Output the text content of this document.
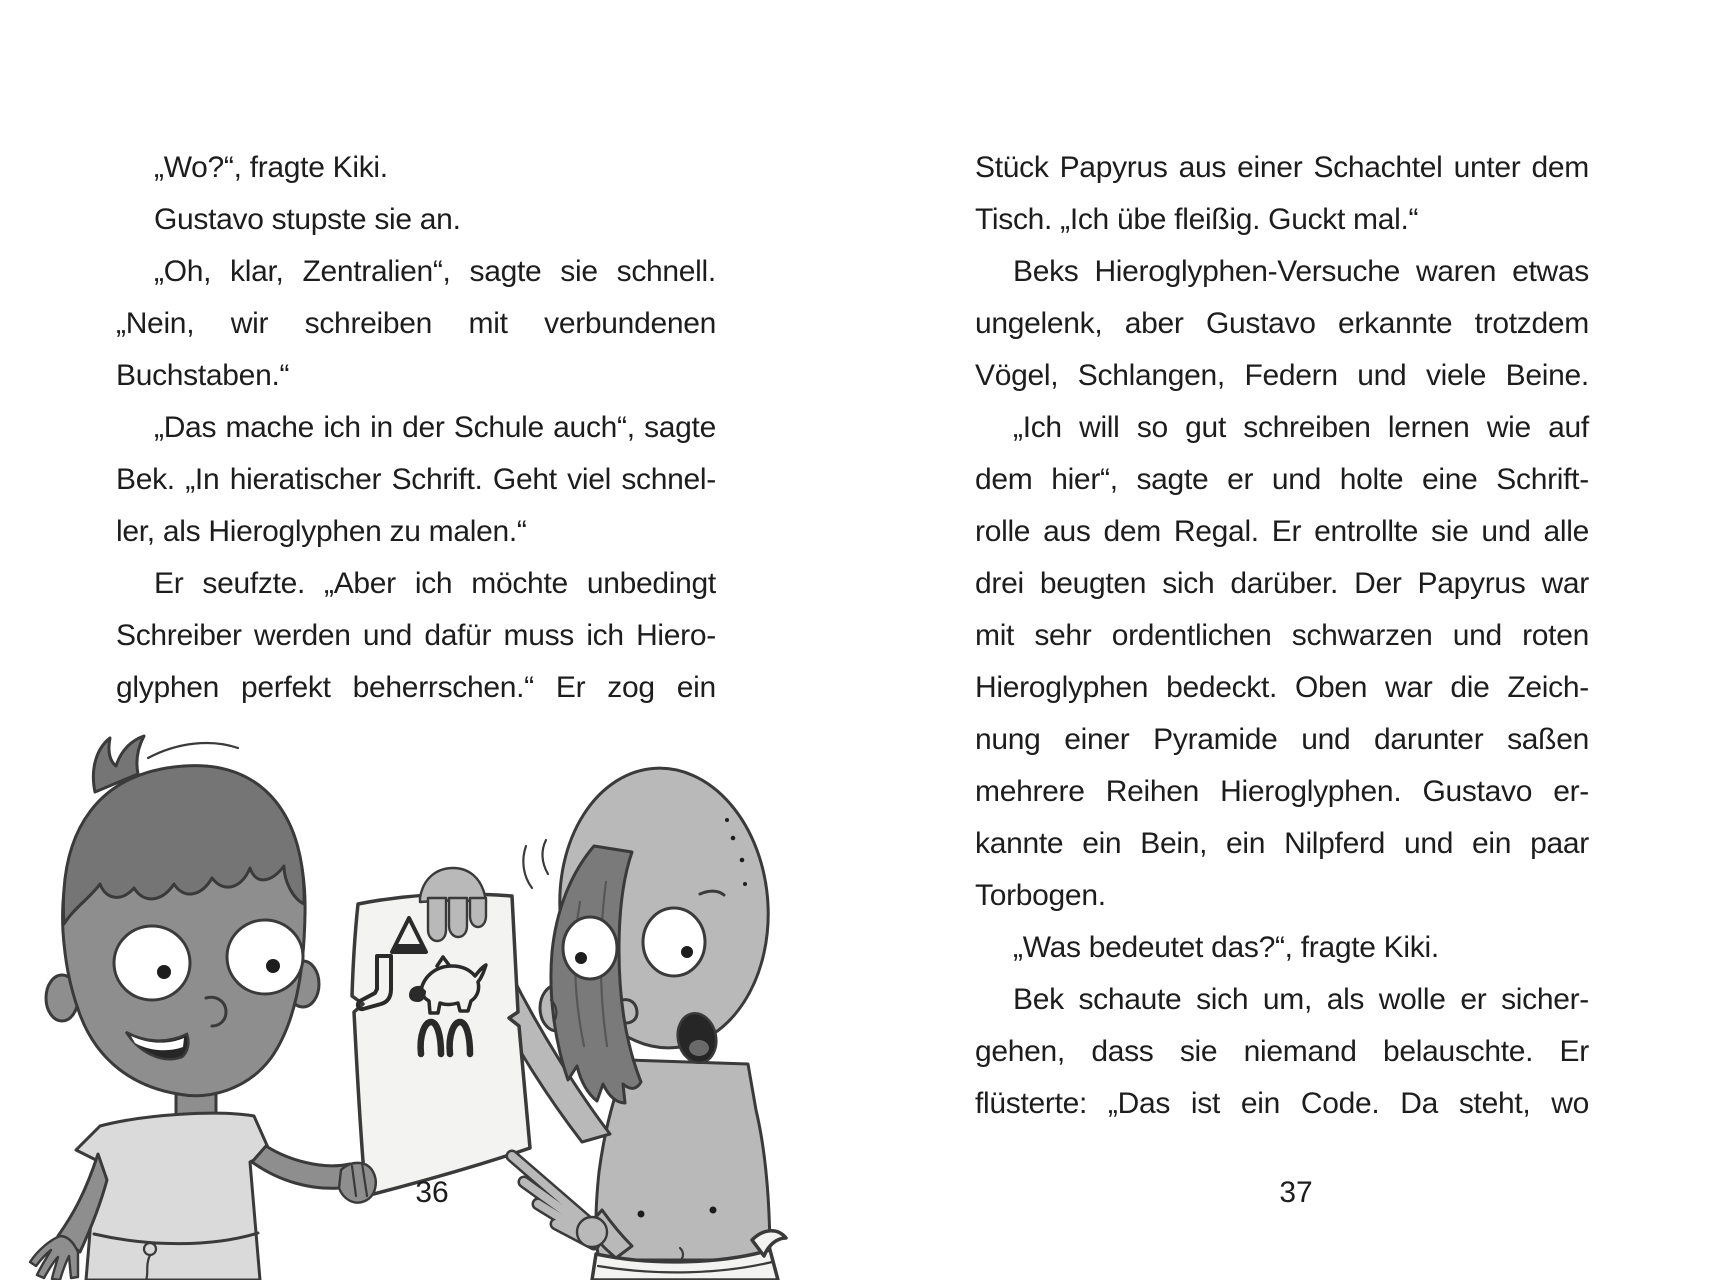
„Wo?“, fragte Kiki.
Gustavo stupste sie an.
„Oh, klar, Zentralien“, sagte sie schnell.
„Nein, wir schreiben mit verbundenen
Buchstaben.“
„Das mache ich in der Schule auch“, sagte
Bek. „In hieratischer Schrift. Geht viel schnel-
ler, als Hieroglyphen zu malen.“
Er seufzte. „Aber ich möchte unbedingt
Schreiber werden und dafür muss ich Hiero-
glyphen perfekt beherrschen.“ Er zog ein
Stück Papyrus aus einer Schachtel unter dem
Tisch. „Ich übe fleißig. Guckt mal.“
Beks Hieroglyphen-Versuche waren etwas
ungelenk, aber Gustavo erkannte trotzdem
Vögel, Schlangen, Federn und viele Beine.
„Ich will so gut schreiben lernen wie auf
dem hier“, sagte er und holte eine Schrift-
rolle aus dem Regal. Er entrollte sie und alle
drei beugten sich darüber. Der Papyrus war
mit sehr ordentlichen schwarzen und roten
Hieroglyphen bedeckt. Oben war die Zeich-
nung einer Pyramide und darunter saßen
mehrere Reihen Hieroglyphen. Gustavo er-
kannte ein Bein, ein Nilpferd und ein paar
Torbogen.
„Was bedeutet das?“, fragte Kiki.
Bek schaute sich um, als wolle er sicher-
gehen, dass sie niemand belauschte. Er
flüsterte: „Das ist ein Code. Da steht, wo
36	37
